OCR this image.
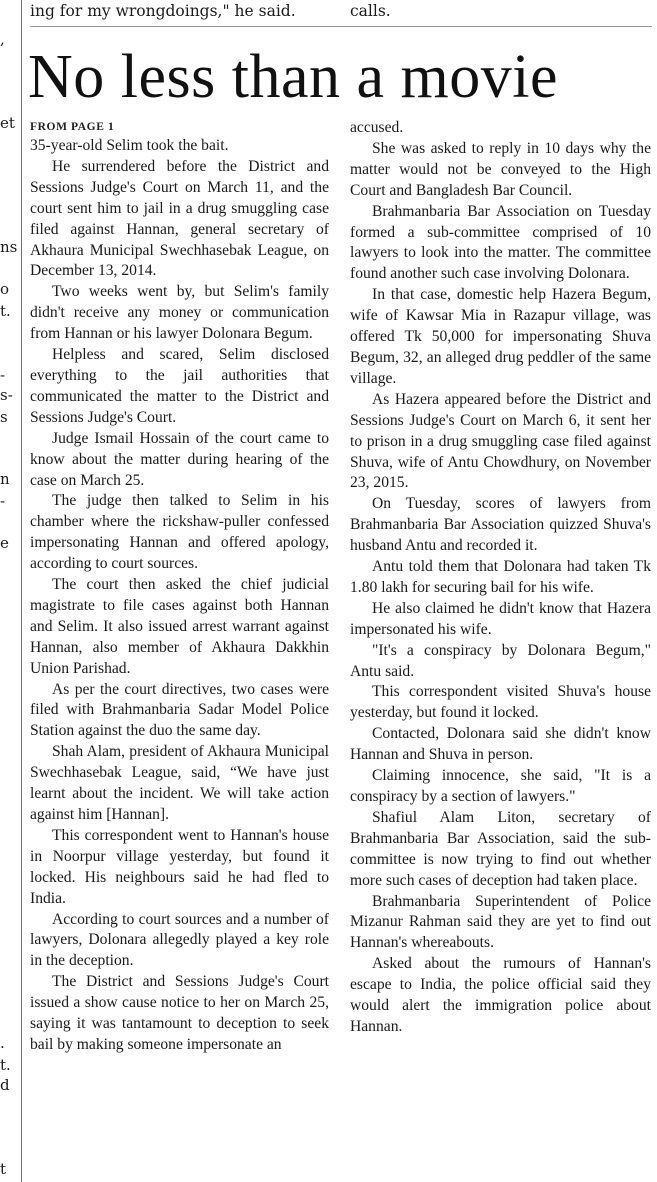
,
et
ns
o
t.
-
s-
s
n
-
e
.
t.
d
t
ing for my wrongdoings," he said.	calls.
No less than a movie
FROM PAGE 1

35-year-old Selim took the bait.

He surrendered before the District and Sessions Judge's Court on March 11, and the court sent him to jail in a drug smuggling case filed against Hannan, general secretary of Akhaura Municipal Swechhasebak League, on December 13, 2014.

Two weeks went by, but Selim's family didn't receive any money or communication from Hannan or his lawyer Dolonara Begum.

Helpless and scared, Selim disclosed everything to the jail authorities that communicated the matter to the District and Sessions Judge's Court.

Judge Ismail Hossain of the court came to know about the matter during hearing of the case on March 25.

The judge then talked to Selim in his chamber where the rickshaw-puller confessed impersonating Hannan and offered apology, according to court sources.

The court then asked the chief judicial magistrate to file cases against both Hannan and Selim. It also issued arrest warrant against Hannan, also member of Akhaura Dakkhin Union Parishad.

As per the court directives, two cases were filed with Brahmanbaria Sadar Model Police Station against the duo the same day.

Shah Alam, president of Akhaura Municipal Swechhasebak League, said, “We have just learnt about the incident. We will take action against him [Hannan].

This correspondent went to Hannan's house in Noorpur village yesterday, but found it locked. His neighbours said he had fled to India.

According to court sources and a number of lawyers, Dolonara allegedly played a key role in the deception.

The District and Sessions Judge's Court issued a show cause notice to her on March 25, saying it was tantamount to deception to seek bail by making someone impersonate an

accused.

She was asked to reply in 10 days why the matter would not be conveyed to the High Court and Bangladesh Bar Council.

Brahmanbaria Bar Association on Tuesday formed a sub-committee comprised of 10 lawyers to look into the matter. The committee found another such case involving Dolonara.

In that case, domestic help Hazera Begum, wife of Kawsar Mia in Razapur village, was offered Tk 50,000 for impersonating Shuva Begum, 32, an alleged drug peddler of the same village.

As Hazera appeared before the District and Sessions Judge's Court on March 6, it sent her to prison in a drug smuggling case filed against Shuva, wife of Antu Chowdhury, on November 23, 2015.

On Tuesday, scores of lawyers from Brahmanbaria Bar Association quizzed Shuva's husband Antu and recorded it.

Antu told them that Dolonara had taken Tk 1.80 lakh for securing bail for his wife.

He also claimed he didn't know that Hazera impersonated his wife.

"It's a conspiracy by Dolonara Begum," Antu said.

This correspondent visited Shuva's house yesterday, but found it locked.

Contacted, Dolonara said she didn't know Hannan and Shuva in person.

Claiming innocence, she said, "It is a conspiracy by a section of lawyers."

Shafiul Alam Liton, secretary of Brahmanbaria Bar Association, said the sub-committee is now trying to find out whether more such cases of deception had taken place.

Brahmanbaria Superintendent of Police Mizanur Rahman said they are yet to find out Hannan's whereabouts.

Asked about the rumours of Hannan's escape to India, the police official said they would alert the immigration police about Hannan.
